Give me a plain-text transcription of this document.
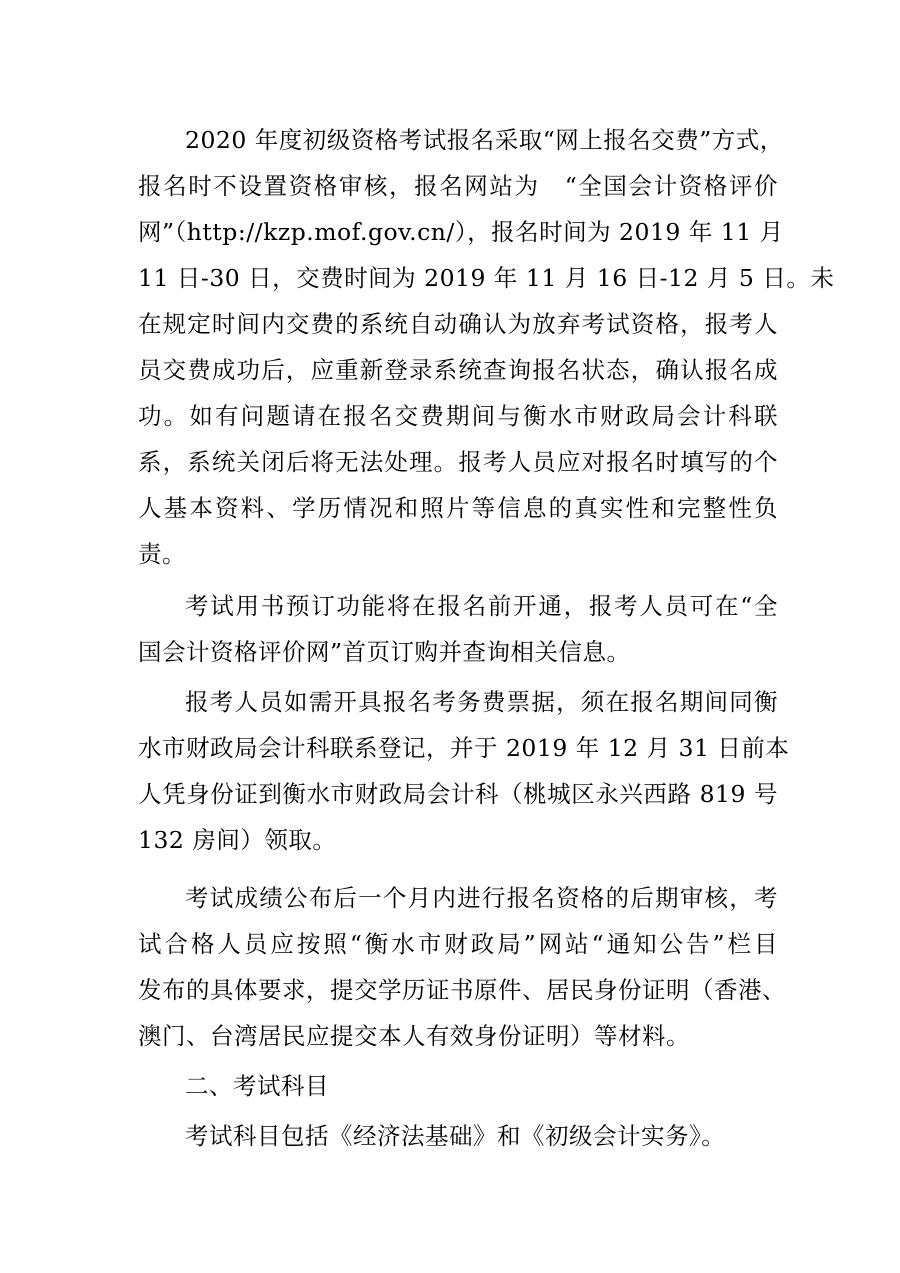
2020 年度初级资格考试报名采取“网上报名交费”方式，
报名时不设置资格审核，报名网站为　“全国会计资格评价
网”（http://kzp.mof.gov.cn/），报名时间为 2019 年 11 月
11 日-30 日，交费时间为 2019 年 11 月 16 日-12 月 5 日。未
在规定时间内交费的系统自动确认为放弃考试资格，报考人
员交费成功后，应重新登录系统查询报名状态，确认报名成
功。如有问题请在报名交费期间与衡水市财政局会计科联
系，系统关闭后将无法处理。报考人员应对报名时填写的个
人基本资料、学历情况和照片等信息的真实性和完整性负
责。
考试用书预订功能将在报名前开通，报考人员可在“全
国会计资格评价网”首页订购并查询相关信息。
报考人员如需开具报名考务费票据，须在报名期间同衡
水市财政局会计科联系登记，并于 2019 年 12 月 31 日前本
人凭身份证到衡水市财政局会计科（桃城区永兴西路 819 号
132 房间）领取。
考试成绩公布后一个月内进行报名资格的后期审核，考
试合格人员应按照“衡水市财政局”网站“通知公告”栏目
发布的具体要求，提交学历证书原件、居民身份证明（香港、
澳门、台湾居民应提交本人有效身份证明）等材料。
二、考试科目
考试科目包括《经济法基础》和《初级会计实务》。
